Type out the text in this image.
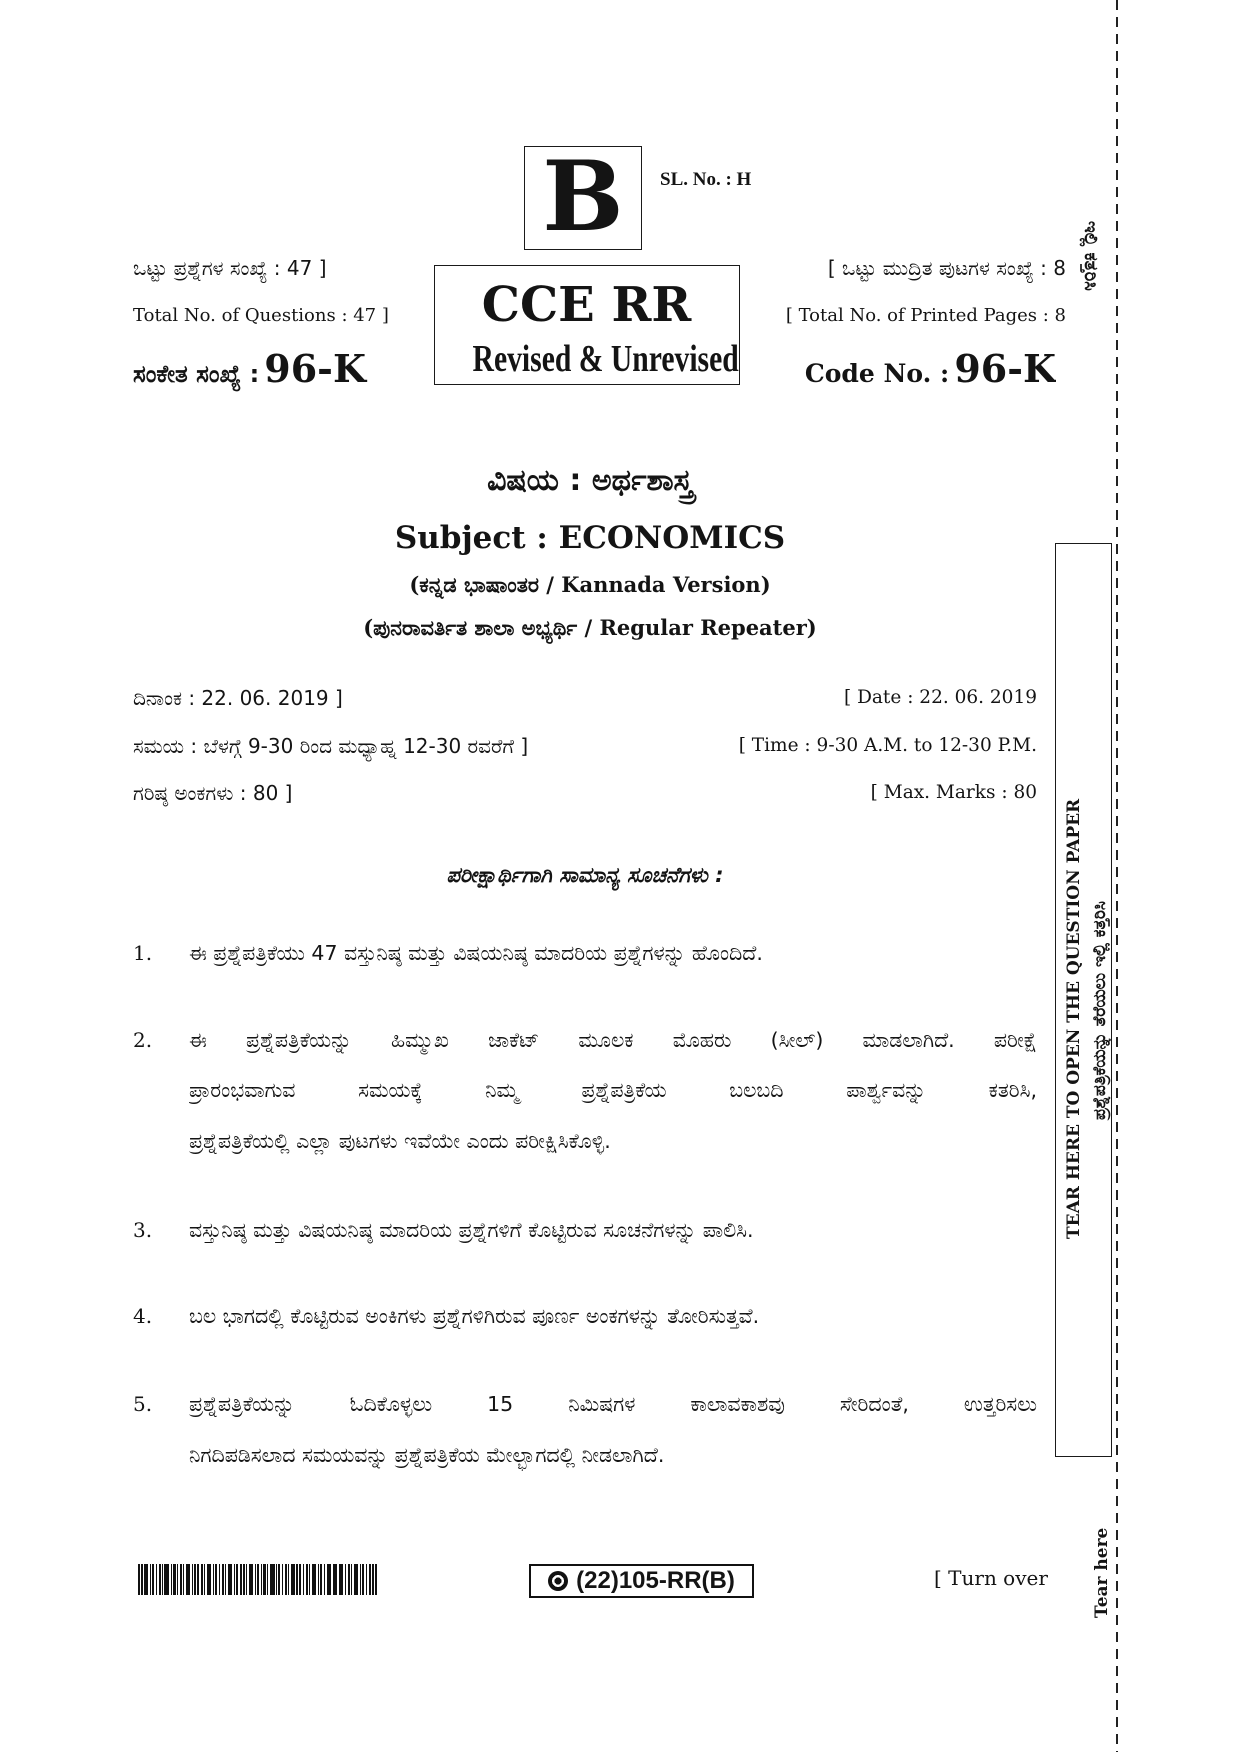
B	SL. No. : H
ಇಲ್ಲಿ ಕತ್ತರಿಸಿ
ಒಟ್ಟು ಪ್ರಶ್ನೆಗಳ ಸಂಖ್ಯೆ : 47 ]
Total No. of Questions : 47 ]
ಸಂಕೇತ ಸಂಖ್ಯೆ : 96-K
CCE RR
Revised & Unrevised
[ ಒಟ್ಟು ಮುದ್ರಿತ ಪುಟಗಳ ಸಂಖ್ಯೆ : 8
[ Total No. of Printed Pages : 8
Code No. : 96-K
ವಿಷಯ : ಅರ್ಥಶಾಸ್ತ್ರ
Subject : ECONOMICS
(ಕನ್ನಡ ಭಾಷಾಂತರ / Kannada Version)
(ಪುನರಾವರ್ತಿತ ಶಾಲಾ ಅಭ್ಯರ್ಥಿ / Regular Repeater)
ದಿನಾಂಕ : 22. 06. 2019 ]	[ Date : 22. 06. 2019
ಸಮಯ : ಬೆಳಗ್ಗೆ 9-30 ರಿಂದ ಮಧ್ಯಾಹ್ನ 12-30 ರವರೆಗೆ ]	[ Time : 9-30 A.M. to 12-30 P.M.
ಗರಿಷ್ಠ ಅಂಕಗಳು : 80 ]	[ Max. Marks : 80
ಪರೀಕ್ಷಾರ್ಥಿಗಾಗಿ ಸಾಮಾನ್ಯ ಸೂಚನೆಗಳು :
1.	ಈ ಪ್ರಶ್ನೆಪತ್ರಿಕೆಯು 47 ವಸ್ತುನಿಷ್ಠ ಮತ್ತು ವಿಷಯನಿಷ್ಠ ಮಾದರಿಯ ಪ್ರಶ್ನೆಗಳನ್ನು ಹೊಂದಿದೆ.
2.	ಈ ಪ್ರಶ್ನೆಪತ್ರಿಕೆಯನ್ನು ಹಿಮ್ಮುಖ ಜಾಕೆಟ್ ಮೂಲಕ ಮೊಹರು (ಸೀಲ್) ಮಾಡಲಾಗಿದೆ. ಪರೀಕ್ಷೆ
ಪ್ರಾರಂಭವಾಗುವ ಸಮಯಕ್ಕೆ ನಿಮ್ಮ ಪ್ರಶ್ನೆಪತ್ರಿಕೆಯ ಬಲಬದಿ ಪಾರ್ಶ್ವವನ್ನು ಕತರಿಸಿ,
ಪ್ರಶ್ನೆಪತ್ರಿಕೆಯಲ್ಲಿ ಎಲ್ಲಾ ಪುಟಗಳು ಇವೆಯೇ ಎಂದು ಪರೀಕ್ಷಿಸಿಕೊಳ್ಳಿ.
3.	ವಸ್ತುನಿಷ್ಠ ಮತ್ತು ವಿಷಯನಿಷ್ಠ ಮಾದರಿಯ ಪ್ರಶ್ನೆಗಳಿಗೆ ಕೊಟ್ಟಿರುವ ಸೂಚನೆಗಳನ್ನು ಪಾಲಿಸಿ.
4.	ಬಲ ಭಾಗದಲ್ಲಿ ಕೊಟ್ಟಿರುವ ಅಂಕಿಗಳು ಪ್ರಶ್ನೆಗಳಿಗಿರುವ ಪೂರ್ಣ ಅಂಕಗಳನ್ನು ತೋರಿಸುತ್ತವೆ.
5.	ಪ್ರಶ್ನೆಪತ್ರಿಕೆಯನ್ನು ಓದಿಕೊಳ್ಳಲು 15 ನಿಮಿಷಗಳ ಕಾಲಾವಕಾಶವು ಸೇರಿದಂತೆ, ಉತ್ತರಿಸಲು
ನಿಗದಿಪಡಿಸಲಾದ ಸಮಯವನ್ನು ಪ್ರಶ್ನೆಪತ್ರಿಕೆಯ ಮೇಲ್ಭಾಗದಲ್ಲಿ ನೀಡಲಾಗಿದೆ.
TEAR HERE TO OPEN THE QUESTION PAPER ಪ್ರಶ್ನೆಪತ್ರಿಕೆಯನ್ನು ತೆರೆಯಲು ಇಲ್ಲಿ ಕತ್ತರಿಸಿ
(22)105-RR(B)	[ Turn over	Tear here
